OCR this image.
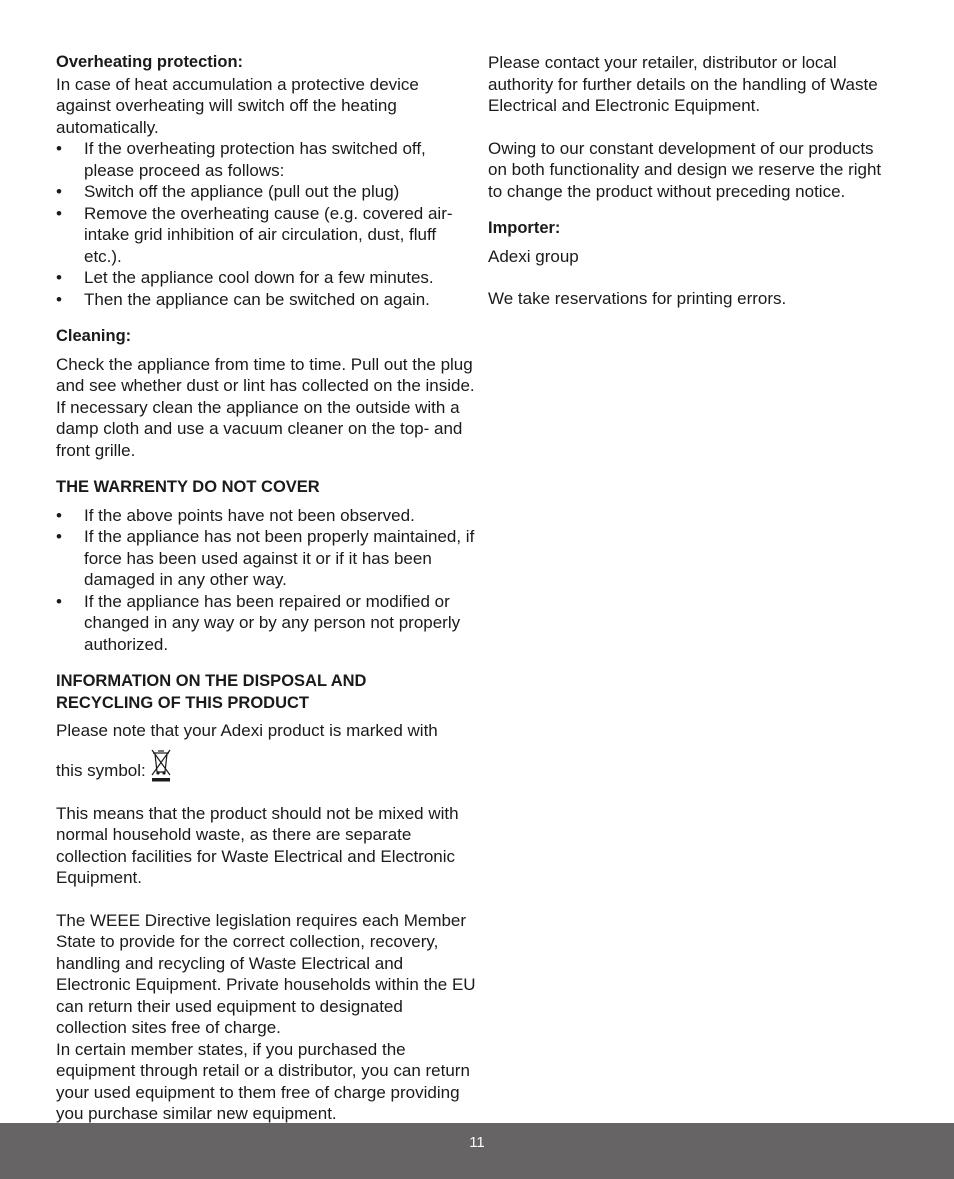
Overheating protection:

In case of heat accumulation a protective device against overheating will switch off the heating automatically.

• If the overheating protection has switched off, please proceed as follows:
• Switch off the appliance (pull out the plug)
• Remove the overheating cause (e.g. covered air-intake grid inhibition of air circulation, dust, fluff etc.).
• Let the appliance cool down for a few minutes.
• Then the appliance can be switched on again.

Cleaning:

Check the appliance from time to time. Pull out the plug and see whether dust or lint has collected on the inside. If necessary clean the appliance on the outside with a damp cloth and use a vacuum cleaner on the top- and front grille.

THE WARRENTY DO NOT COVER

• If the above points have not been observed.
• If the appliance has not been properly maintained, if force has been used against it or if it has been damaged in any other way.
• If the appliance has been repaired or modified or changed in any way or by any person not properly authorized.

INFORMATION ON THE DISPOSAL AND

RECYCLING OF THIS PRODUCT

Please note that your Adexi product is marked with

this symbol:

This means that the product should not be mixed with normal household waste, as there are separate collection facilities for Waste Electrical and Electronic Equipment.

The WEEE Directive legislation requires each Member State to provide for the correct collection, recovery, handling and recycling of Waste Electrical and Electronic Equipment. Private households within the EU can return their used equipment to designated collection sites free of charge.

In certain member states, if you purchased the equipment through retail or a distributor, you can return your used equipment to them free of charge providing you purchase similar new equipment.

Please contact your retailer, distributor or local authority for further details on the handling of Waste Electrical and Electronic Equipment.

Owing to our constant development of our products on both functionality and design we reserve the right to change the product without preceding notice.

Importer:

Adexi group

We take reservations for printing errors.

11
